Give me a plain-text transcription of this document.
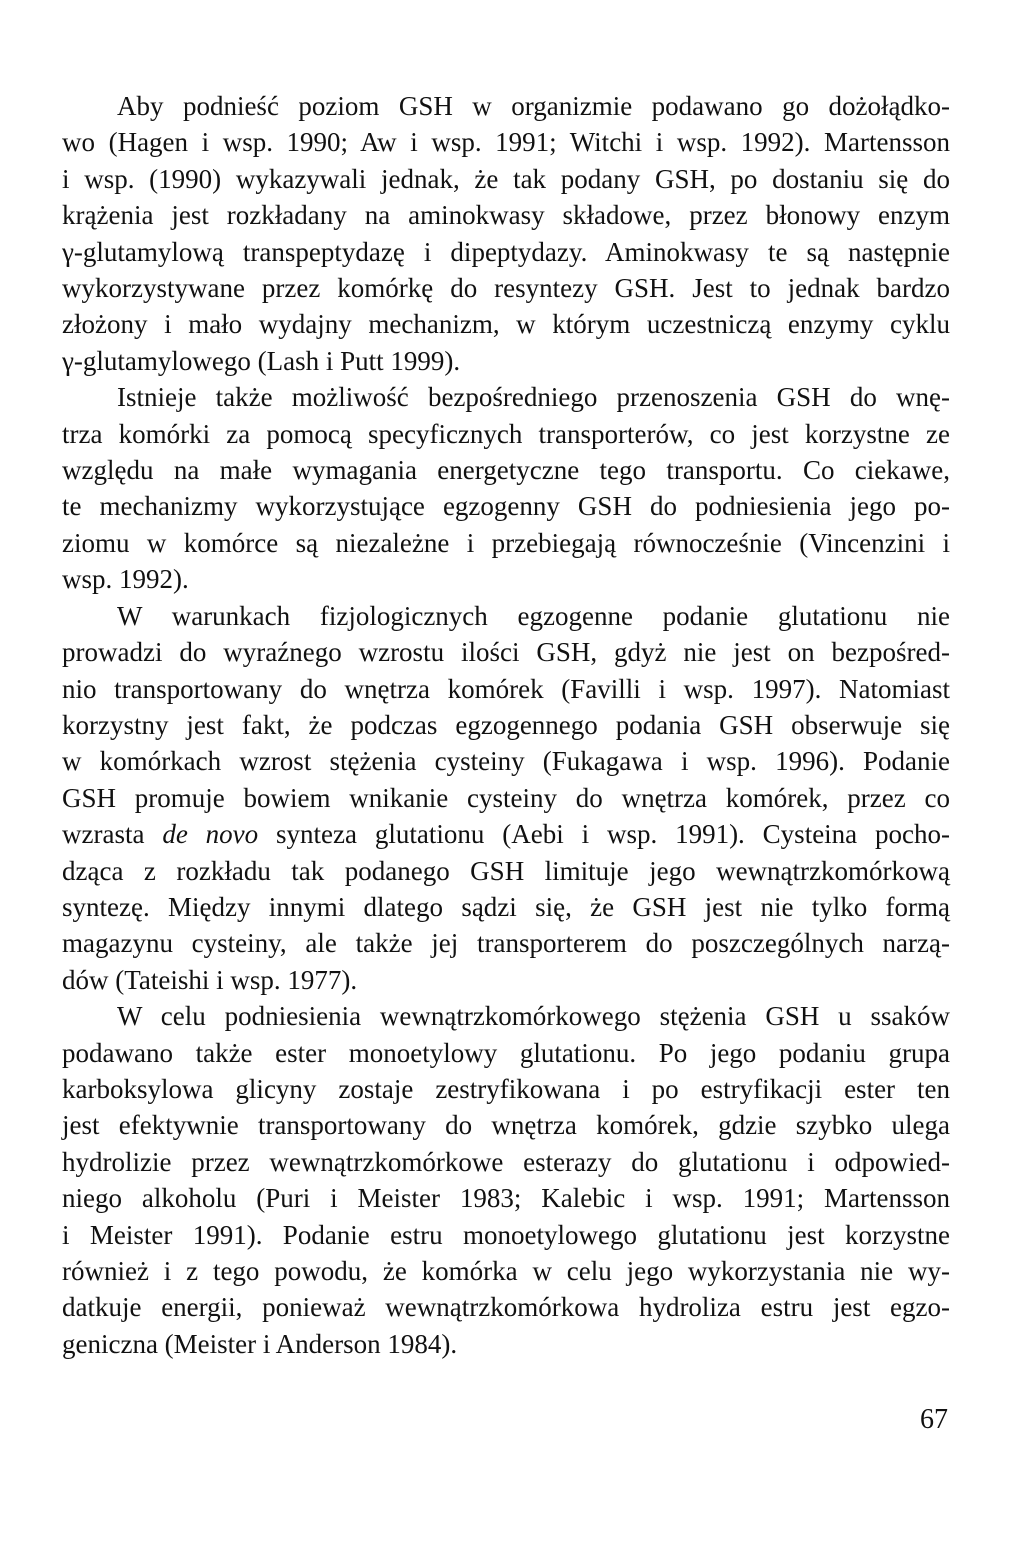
Aby podnieść poziom GSH w organizmie podawano go dożołądko-
wo (Hagen i wsp. 1990; Aw i wsp. 1991; Witchi i wsp. 1992). Martensson
i wsp. (1990) wykazywali jednak, że tak podany GSH, po dostaniu się do
krążenia jest rozkładany na aminokwasy składowe, przez błonowy enzym
γ-glutamylową transpeptydazę i dipeptydazy. Aminokwasy te są następnie
wykorzystywane przez komórkę do resyntezy GSH. Jest to jednak bardzo
złożony i mało wydajny mechanizm, w którym uczestniczą enzymy cyklu
γ-glutamylowego (Lash i Putt 1999).
Istnieje także możliwość bezpośredniego przenoszenia GSH do wnę-
trza komórki za pomocą specyficznych transporterów, co jest korzystne ze
względu na małe wymagania energetyczne tego transportu. Co ciekawe,
te mechanizmy wykorzystujące egzogenny GSH do podniesienia jego po-
ziomu w komórce są niezależne i przebiegają równocześnie (Vincenzini i
wsp. 1992).
W warunkach fizjologicznych egzogenne podanie glutationu nie
prowadzi do wyraźnego wzrostu ilości GSH, gdyż nie jest on bezpośred-
nio transportowany do wnętrza komórek (Favilli i wsp. 1997). Natomiast
korzystny jest fakt, że podczas egzogennego podania GSH obserwuje się
w komórkach wzrost stężenia cysteiny (Fukagawa i wsp. 1996). Podanie
GSH promuje bowiem wnikanie cysteiny do wnętrza komórek, przez co
wzrasta de novo synteza glutationu (Aebi i wsp. 1991). Cysteina pocho-
dząca z rozkładu tak podanego GSH limituje jego wewnątrzkomórkową
syntezę. Między innymi dlatego sądzi się, że GSH jest nie tylko formą
magazynu cysteiny, ale także jej transporterem do poszczególnych narzą-
dów (Tateishi i wsp. 1977).
W celu podniesienia wewnątrzkomórkowego stężenia GSH u ssaków
podawano także ester monoetylowy glutationu. Po jego podaniu grupa
karboksylowa glicyny zostaje zestryfikowana i po estryfikacji ester ten
jest efektywnie transportowany do wnętrza komórek, gdzie szybko ulega
hydrolizie przez wewnątrzkomórkowe esterazy do glutationu i odpowied-
niego alkoholu (Puri i Meister 1983; Kalebic i wsp. 1991; Martensson
i Meister 1991). Podanie estru monoetylowego glutationu jest korzystne
również i z tego powodu, że komórka w celu jego wykorzystania nie wy-
datkuje energii, ponieważ wewnątrzkomórkowa hydroliza estru jest egzo-
geniczna (Meister i Anderson 1984).
67
